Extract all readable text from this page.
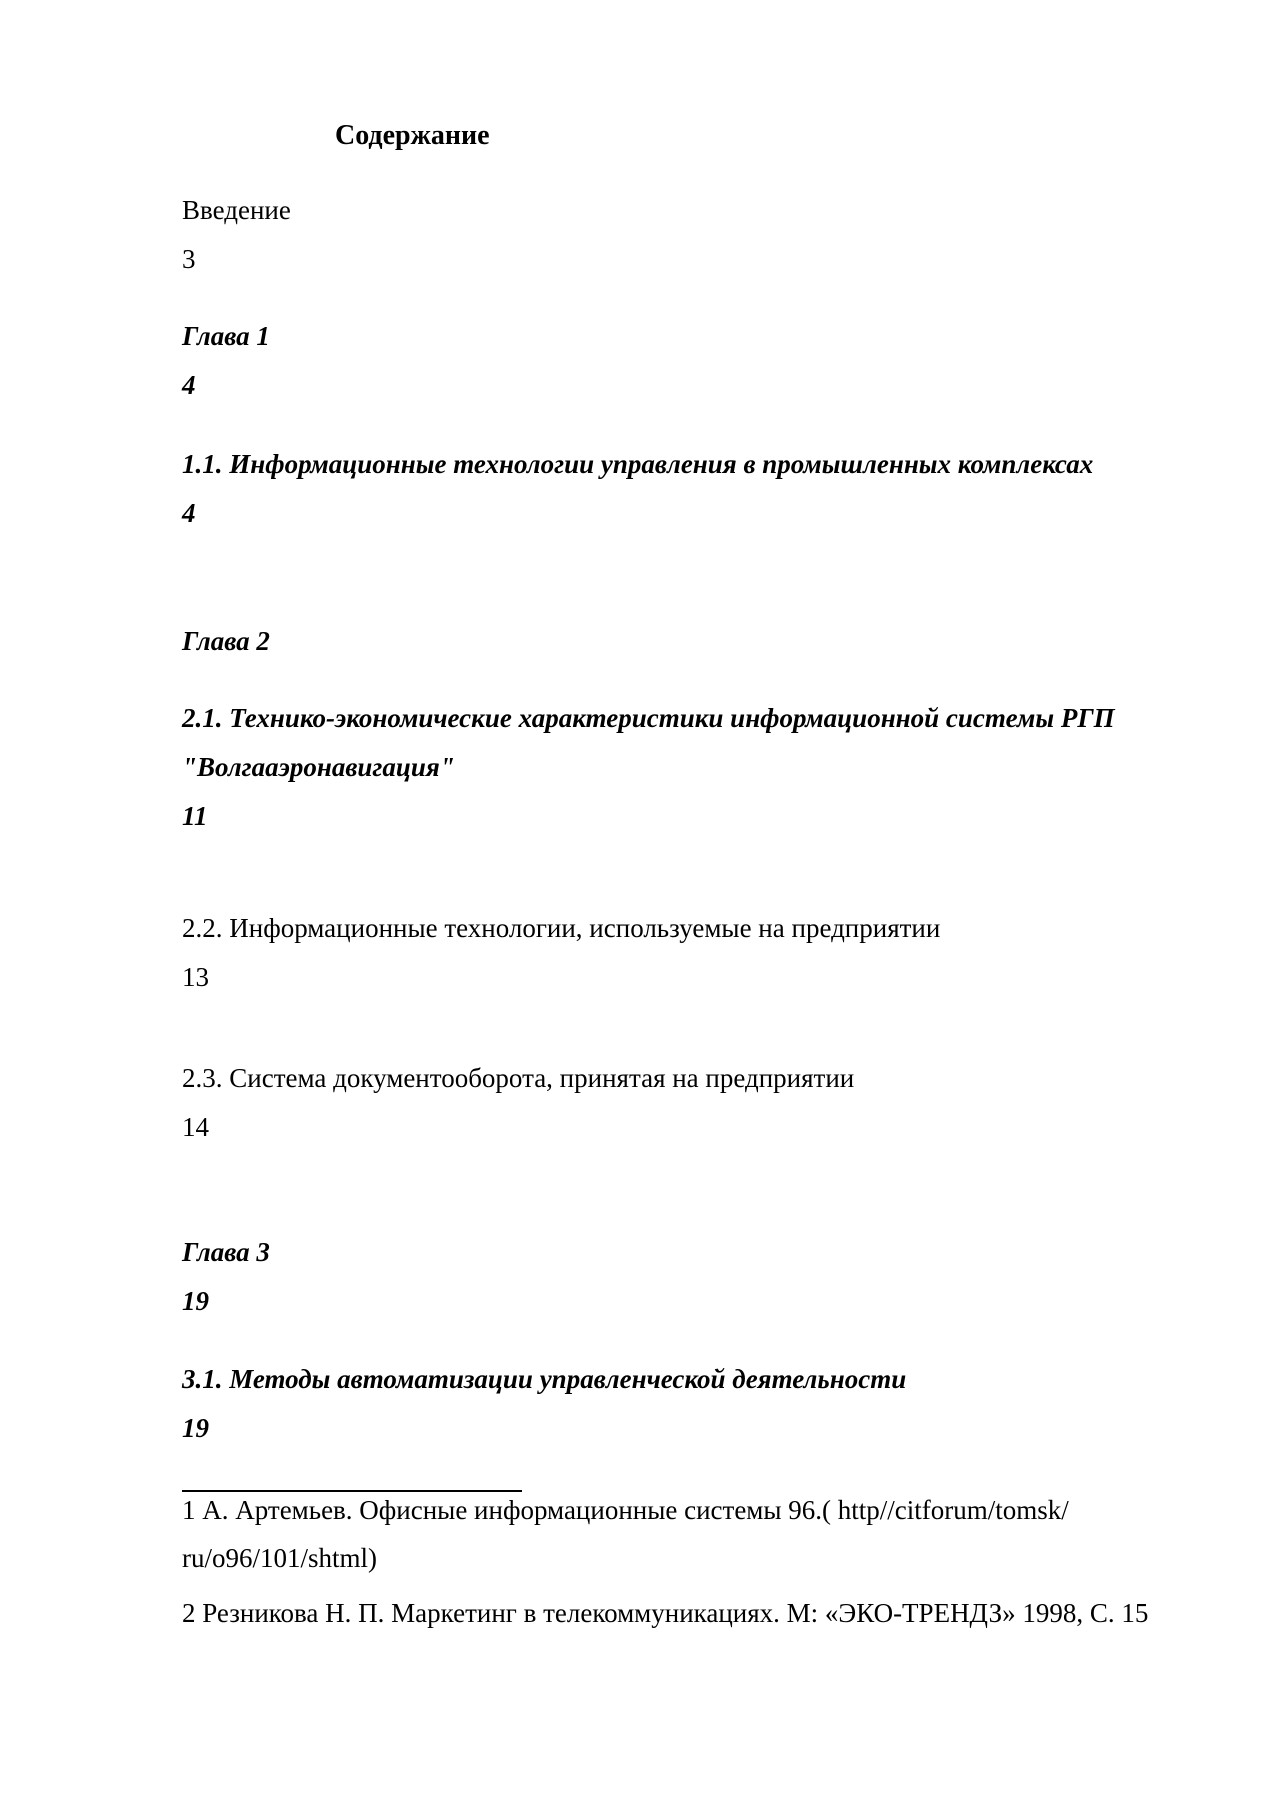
Содержание
Введение
3
Глава 1
4
1.1. Информационные технологии управления в промышленных комплексах
4
Глава 2
2.1. Технико-экономические характеристики информационной системы РГП
"Волгааэронавигация"
11
2.2. Информационные технологии, используемые на предприятии
13
2.3. Система документооборота, принятая на предприятии
14
Глава 3
19
3.1. Методы автоматизации управленческой деятельности
19
1 А. Артемьев. Офисные информационные системы 96.( http//citforum/tomsk/ ru/o96/101/shtml)
2 Резникова Н. П. Маркетинг в телекоммуникациях. М: «ЭКО-ТРЕНДЗ» 1998, С. 15
